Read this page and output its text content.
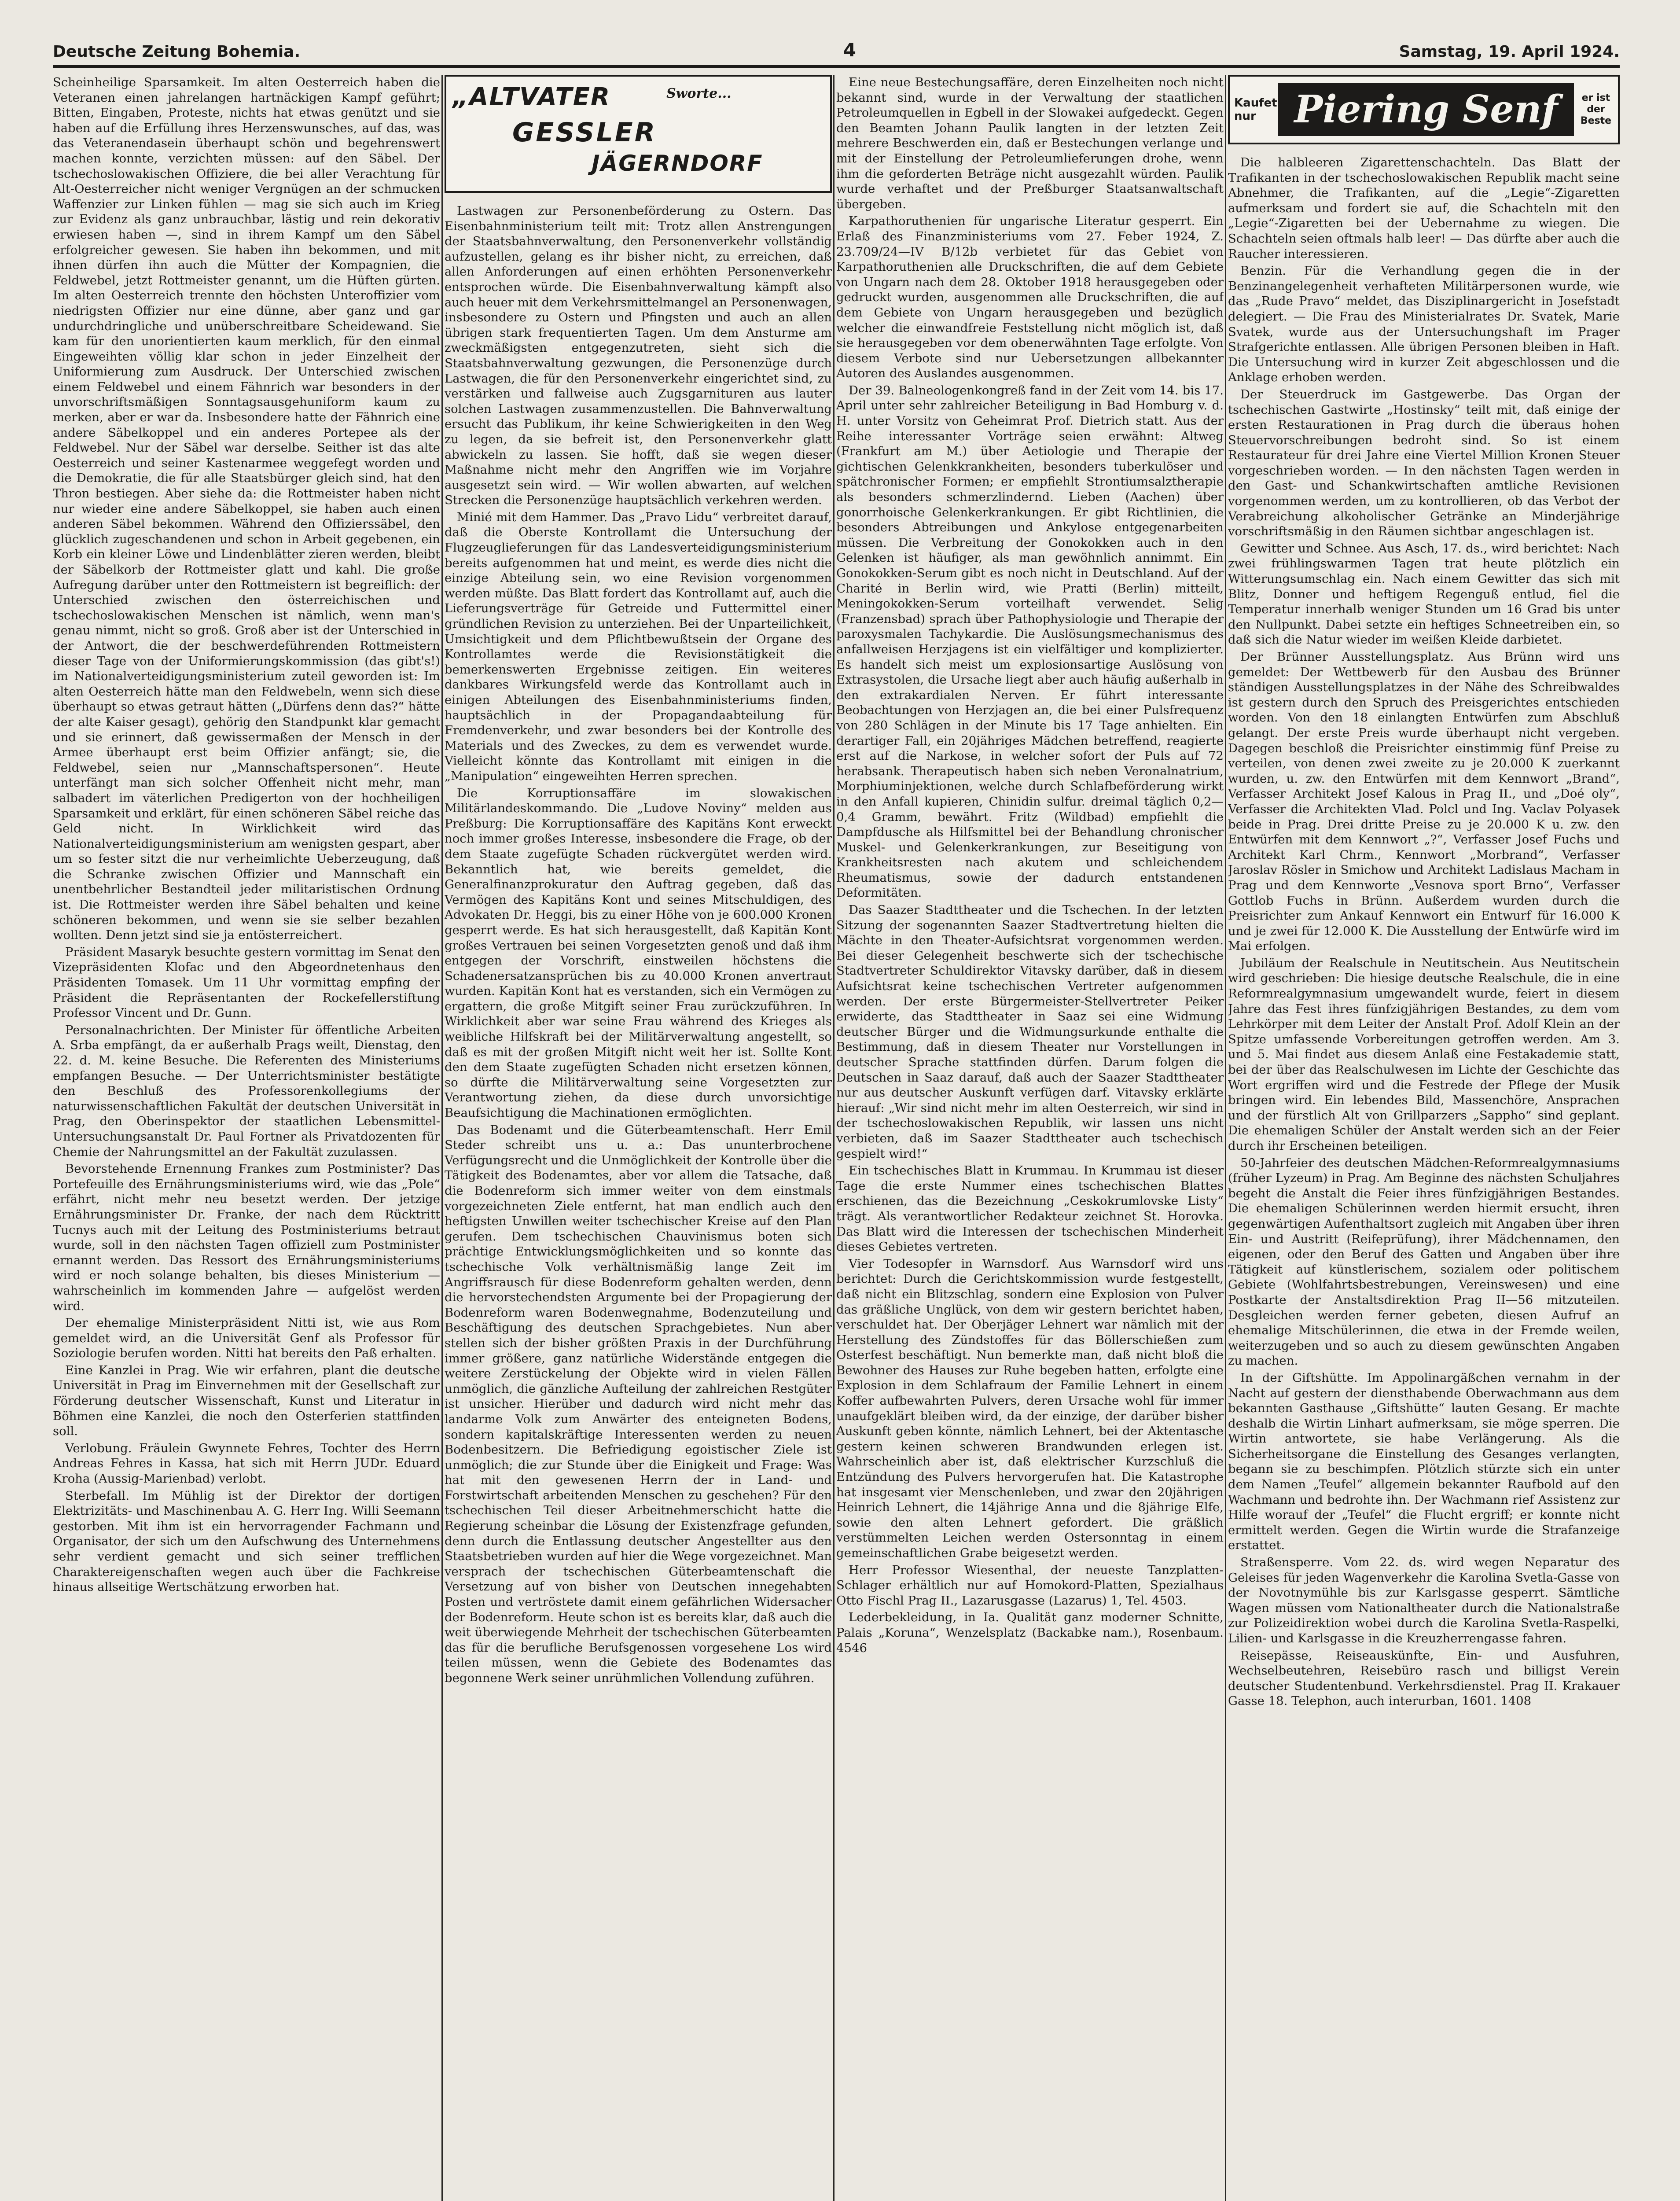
Deutsche Zeitung Bohemia.	4	Samstag, 19. April 1924.

Scheinheilige Sparsamkeit. Im alten Oesterreich haben die Veteranen einen jahrelangen hartnäckigen Kampf geführt; Bitten, Eingaben, Proteste, nichts hat etwas genützt und sie haben auf die Erfüllung ihres Herzenswunsches, auf das, was das Veteranendasein überhaupt schön und begehrenswert machen konnte, verzichten müssen: auf den Säbel. Der tschechoslowakischen Offiziere, die bei aller Verachtung für Alt-Oesterreicher nicht weniger Vergnügen an der schmucken Waffenzier zur Linken fühlen — mag sie sich auch im Krieg zur Evidenz als ganz unbrauchbar, lästig und rein dekorativ erwiesen haben —, sind in ihrem Kampf um den Säbel erfolgreicher gewesen. Sie haben ihn bekommen, und mit ihnen dürfen ihn auch die Mütter der Kompagnien, die Feldwebel, jetzt Rottmeister genannt, um die Hüften gürten. Im alten Oesterreich trennte den höchsten Unteroffizier vom niedrigsten Offizier nur eine dünne, aber ganz und gar undurchdringliche und unüberschreitbare Scheidewand. Sie kam für den unorientierten kaum merklich, für den einmal Eingeweihten völlig klar schon in jeder Einzelheit der Uniformierung zum Ausdruck. Der Unterschied zwischen einem Feldwebel und einem Fähnrich war besonders in der unvorschriftsmäßigen Sonntagsausgehuniform kaum zu merken, aber er war da. Insbesondere hatte der Fähnrich eine andere Säbelkoppel und ein anderes Portepee als der Feldwebel. Nur der Säbel war derselbe. Seither ist das alte Oesterreich und seiner Kastenarmee weggefegt worden und die Demokratie, die für alle Staatsbürger gleich sind, hat den Thron bestiegen. Aber siehe da: die Rottmeister haben nicht nur wieder eine andere Säbelkoppel, sie haben auch einen anderen Säbel bekommen. Während den Offizierssäbel, den glücklich zugeschandenen und schon in Arbeit gegebenen, ein Korb ein kleiner Löwe und Lindenblätter zieren werden, bleibt der Säbelkorb der Rottmeister glatt und kahl. Die große Aufregung darüber unter den Rottmeistern ist begreiflich: der Unterschied zwischen den österreichischen und tschechoslowakischen Menschen ist nämlich, wenn man's genau nimmt, nicht so groß. Groß aber ist der Unterschied in der Antwort, die der beschwerdeführenden Rottmeistern dieser Tage von der Uniformierungskommission (das gibt's!) im Nationalverteidigungsministerium zuteil geworden ist: Im alten Oesterreich hätte man den Feldwebeln, wenn sich diese überhaupt so etwas getraut hätten („Dürfens denn das?“ hätte der alte Kaiser gesagt), gehörig den Standpunkt klar gemacht und sie erinnert, daß gewissermaßen der Mensch in der Armee überhaupt erst beim Offizier anfängt; sie, die Feldwebel, seien nur „Mannschaftspersonen“. Heute unterfängt man sich solcher Offenheit nicht mehr, man salbadert im väterlichen Predigerton von der hochheiligen Sparsamkeit und erklärt, für einen schöneren Säbel reiche das Geld nicht. In Wirklichkeit wird das Nationalverteidigungsministerium am wenigsten gespart, aber um so fester sitzt die nur verheimlichte Ueberzeugung, daß die Schranke zwischen Offizier und Mannschaft ein unentbehrlicher Bestandteil jeder militaristischen Ordnung ist. Die Rottmeister werden ihre Säbel behalten und keine schöneren bekommen, und wenn sie sie selber bezahlen wollten. Denn jetzt sind sie ja entösterreichert.

Präsident Masaryk besuchte gestern vormittag im Senat den Vizepräsidenten Klofac und den Abgeordnetenhaus den Präsidenten Tomasek. Um 11 Uhr vormittag empfing der Präsident die Repräsentanten der Rockefellerstiftung Professor Vincent und Dr. Gunn.

Personalnachrichten. Der Minister für öffentliche Arbeiten A. Srba empfängt, da er außerhalb Prags weilt, Dienstag, den 22. d. M. keine Besuche. Die Referenten des Ministeriums empfangen Besuche. — Der Unterrichtsminister bestätigte den Beschluß des Professorenkollegiums der naturwissenschaftlichen Fakultät der deutschen Universität in Prag, den Oberinspektor der staatlichen Lebensmittel-Untersuchungsanstalt Dr. Paul Fortner als Privatdozenten für Chemie der Nahrungsmittel an der Fakultät zuzulassen.

Bevorstehende Ernennung Frankes zum Postminister? Das Portefeuille des Ernährungsministeriums wird, wie das „Pole“ erfährt, nicht mehr neu besetzt werden. Der jetzige Ernährungsminister Dr. Franke, der nach dem Rücktritt Tucnys auch mit der Leitung des Postministeriums betraut wurde, soll in den nächsten Tagen offiziell zum Postminister ernannt werden. Das Ressort des Ernährungsministeriums wird er noch solange behalten, bis dieses Ministerium — wahrscheinlich im kommenden Jahre — aufgelöst werden wird.

Der ehemalige Ministerpräsident Nitti ist, wie aus Rom gemeldet wird, an die Universität Genf als Professor für Soziologie berufen worden. Nitti hat bereits den Paß erhalten.

Eine Kanzlei in Prag. Wie wir erfahren, plant die deutsche Universität in Prag im Einvernehmen mit der Gesellschaft zur Förderung deutscher Wissenschaft, Kunst und Literatur in Böhmen eine Kanzlei, die noch den Osterferien stattfinden soll.

Verlobung. Fräulein Gwynnete Fehres, Tochter des Herrn Andreas Fehres in Kassa, hat sich mit Herrn JUDr. Eduard Kroha (Aussig-Marienbad) verlobt.

Sterbefall. Im Mühlig ist der Direktor der dortigen Elektrizitäts- und Maschinenbau A. G. Herr Ing. Willi Seemann gestorben. Mit ihm ist ein hervorragender Fachmann und Organisator, der sich um den Aufschwung des Unternehmens sehr verdient gemacht und sich seiner trefflichen Charaktereigenschaften wegen auch über die Fachkreise hinaus allseitige Wertschätzung erworben hat.

„ALTVATER	Sworte...
GESSLER
JÄGERNDORF

Lastwagen zur Personenbeförderung zu Ostern. Das Eisenbahnministerium teilt mit: Trotz allen Anstrengungen der Staatsbahnverwaltung, den Personenverkehr vollständig aufzustellen, gelang es ihr bisher nicht, zu erreichen, daß allen Anforderungen auf einen erhöhten Personenverkehr entsprochen würde. Die Eisenbahnverwaltung kämpft also auch heuer mit dem Verkehrsmittelmangel an Personenwagen, insbesondere zu Ostern und Pfingsten und auch an allen übrigen stark frequentierten Tagen. Um dem Ansturme am zweckmäßigsten entgegenzutreten, sieht sich die Staatsbahnverwaltung gezwungen, die Personenzüge durch Lastwagen, die für den Personenverkehr eingerichtet sind, zu verstärken und fallweise auch Zugsgarnituren aus lauter solchen Lastwagen zusammenzustellen. Die Bahnverwaltung ersucht das Publikum, ihr keine Schwierigkeiten in den Weg zu legen, da sie befreit ist, den Personenverkehr glatt abwickeln zu lassen. Sie hofft, daß sie wegen dieser Maßnahme nicht mehr den Angriffen wie im Vorjahre ausgesetzt sein wird. — Wir wollen abwarten, auf welchen Strecken die Personenzüge hauptsächlich verkehren werden.

Minié mit dem Hammer. Das „Pravo Lidu“ verbreitet darauf, daß die Oberste Kontrollamt die Untersuchung der Flugzeuglieferungen für das Landesverteidigungsministerium bereits aufgenommen hat und meint, es werde dies nicht die einzige Abteilung sein, wo eine Revision vorgenommen werden müßte. Das Blatt fordert das Kontrollamt auf, auch die Lieferungsverträge für Getreide und Futtermittel einer gründlichen Revision zu unterziehen. Bei der Unparteilichkeit, Umsichtigkeit und dem Pflichtbewußtsein der Organe des Kontrollamtes werde die Revisionstätigkeit die bemerkenswerten Ergebnisse zeitigen. Ein weiteres dankbares Wirkungsfeld werde das Kontrollamt auch in einigen Abteilungen des Eisenbahnministeriums finden, hauptsächlich in der Propagandaabteilung für Fremdenverkehr, und zwar besonders bei der Kontrolle des Materials und des Zweckes, zu dem es verwendet wurde. Vielleicht könnte das Kontrollamt mit einigen in die „Manipulation“ eingeweihten Herren sprechen.

Die Korruptionsaffäre im slowakischen Militärlandeskommando. Die „Ludove Noviny“ melden aus Preßburg: Die Korruptionsaffäre des Kapitäns Kont erweckt noch immer großes Interesse, insbesondere die Frage, ob der dem Staate zugefügte Schaden rückvergütet werden wird. Bekanntlich hat, wie bereits gemeldet, die Generalfinanzprokuratur den Auftrag gegeben, daß das Vermögen des Kapitäns Kont und seines Mitschuldigen, des Advokaten Dr. Heggi, bis zu einer Höhe von je 600.000 Kronen gesperrt werde. Es hat sich herausgestellt, daß Kapitän Kont großes Vertrauen bei seinen Vorgesetzten genoß und daß ihm entgegen der Vorschrift, einstweilen höchstens die Schadenersatzansprüchen bis zu 40.000 Kronen anvertraut wurden. Kapitän Kont hat es verstanden, sich ein Vermögen zu ergattern, die große Mitgift seiner Frau zurückzuführen. In Wirklichkeit aber war seine Frau während des Krieges als weibliche Hilfskraft bei der Militärverwaltung angestellt, so daß es mit der großen Mitgift nicht weit her ist. Sollte Kont den dem Staate zugefügten Schaden nicht ersetzen können, so dürfte die Militärverwaltung seine Vorgesetzten zur Verantwortung ziehen, da diese durch unvorsichtige Beaufsichtigung die Machinationen ermöglichten.

Das Bodenamt und die Güterbeamtenschaft. Herr Emil Steder schreibt uns u. a.: Das ununterbrochene Verfügungsrecht und die Unmöglichkeit der Kontrolle über die Tätigkeit des Bodenamtes, aber vor allem die Tatsache, daß die Bodenreform sich immer weiter von dem einstmals vorgezeichneten Ziele entfernt, hat man endlich auch den heftigsten Unwillen weiter tschechischer Kreise auf den Plan gerufen. Dem tschechischen Chauvinismus boten sich prächtige Entwicklungsmöglichkeiten und so konnte das tschechische Volk verhältnismäßig lange Zeit im Angriffsrausch für diese Bodenreform gehalten werden, denn die hervorstechendsten Argumente bei der Propagierung der Bodenreform waren Bodenwegnahme, Bodenzuteilung und Beschäftigung des deutschen Sprachgebietes. Nun aber stellen sich der bisher größten Praxis in der Durchführung immer größere, ganz natürliche Widerstände entgegen die weitere Zerstückelung der Objekte wird in vielen Fällen unmöglich, die gänzliche Aufteilung der zahlreichen Restgüter ist unsicher. Hierüber und dadurch wird nicht mehr das landarme Volk zum Anwärter des enteigneten Bodens, sondern kapitalskräftige Interessenten werden zu neuen Bodenbesitzern. Die Befriedigung egoistischer Ziele ist unmöglich; die zur Stunde über die Einigkeit und Frage: Was hat mit den gewesenen Herrn der in Land- und Forstwirtschaft arbeitenden Menschen zu geschehen? Für den tschechischen Teil dieser Arbeitnehmerschicht hatte die Regierung scheinbar die Lösung der Existenzfrage gefunden, denn durch die Entlassung deutscher Angestellter aus den Staatsbetrieben wurden auf hier die Wege vorgezeichnet. Man versprach der tschechischen Güterbeamtenschaft die Versetzung auf von bisher von Deutschen innegehabten Posten und vertröstete damit einem gefährlichen Widersacher der Bodenreform. Heute schon ist es bereits klar, daß auch die weit überwiegende Mehrheit der tschechischen Güterbeamten das für die berufliche Berufsgenossen vorgesehene Los wird teilen müssen, wenn die Gebiete des Bodenamtes das begonnene Werk seiner unrühmlichen Vollendung zuführen.

Eine neue Bestechungsaffäre, deren Einzelheiten noch nicht bekannt sind, wurde in der Verwaltung der staatlichen Petroleumquellen in Egbell in der Slowakei aufgedeckt. Gegen den Beamten Johann Paulik langten in der letzten Zeit mehrere Beschwerden ein, daß er Bestechungen verlange und mit der Einstellung der Petroleumlieferungen drohe, wenn ihm die geforderten Beträge nicht ausgezahlt würden. Paulik wurde verhaftet und der Preßburger Staatsanwaltschaft übergeben.

Karpathoruthenien für ungarische Literatur gesperrt. Ein Erlaß des Finanzministeriums vom 27. Feber 1924, Z. 23.709/24—IV B/12b verbietet für das Gebiet von Karpathoruthenien alle Druckschriften, die auf dem Gebiete von Ungarn nach dem 28. Oktober 1918 herausgegeben oder gedruckt wurden, ausgenommen alle Druckschriften, die auf dem Gebiete von Ungarn herausgegeben und bezüglich welcher die einwandfreie Feststellung nicht möglich ist, daß sie herausgegeben vor dem obenerwähnten Tage erfolgte. Von diesem Verbote sind nur Uebersetzungen allbekannter Autoren des Auslandes ausgenommen.

Der 39. Balneologenkongreß fand in der Zeit vom 14. bis 17. April unter sehr zahlreicher Beteiligung in Bad Homburg v. d. H. unter Vorsitz von Geheimrat Prof. Dietrich statt. Aus der Reihe interessanter Vorträge seien erwähnt: Altweg (Frankfurt am M.) über Aetiologie und Therapie der gichtischen Gelenkkrankheiten, besonders tuberkulöser und spätchronischer Formen; er empfiehlt Strontiumsalztherapie als besonders schmerzlindernd. Lieben (Aachen) über gonorrhoische Gelenkerkrankungen. Er gibt Richtlinien, die besonders Abtreibungen und Ankylose entgegenarbeiten müssen. Die Verbreitung der Gonokokken auch in den Gelenken ist häufiger, als man gewöhnlich annimmt. Ein Gonokokken-Serum gibt es noch nicht in Deutschland. Auf der Charité in Berlin wird, wie Pratti (Berlin) mitteilt, Meningokokken-Serum vorteilhaft verwendet. Selig (Franzensbad) sprach über Pathophysiologie und Therapie der paroxysmalen Tachykardie. Die Auslösungsmechanismus des anfallweisen Herzjagens ist ein vielfältiger und komplizierter. Es handelt sich meist um explosionsartige Auslösung von Extrasystolen, die Ursache liegt aber auch häufig außerhalb in den extrakardialen Nerven. Er führt interessante Beobachtungen von Herzjagen an, die bei einer Pulsfrequenz von 280 Schlägen in der Minute bis 17 Tage anhielten. Ein derartiger Fall, ein 20jähriges Mädchen betreffend, reagierte erst auf die Narkose, in welcher sofort der Puls auf 72 herabsank. Therapeutisch haben sich neben Veronalnatrium, Morphiuminjektionen, welche durch Schlafbeförderung wirkt in den Anfall kupieren, Chinidin sulfur. dreimal täglich 0,2—0,4 Gramm, bewährt. Fritz (Wildbad) empfiehlt die Dampfdusche als Hilfsmittel bei der Behandlung chronischer Muskel- und Gelenkerkrankungen, zur Beseitigung von Krankheitsresten nach akutem und schleichendem Rheumatismus, sowie der dadurch entstandenen Deformitäten.

Das Saazer Stadttheater und die Tschechen. In der letzten Sitzung der sogenannten Saazer Stadtvertretung hielten die Mächte in den Theater-Aufsichtsrat vorgenommen werden. Bei dieser Gelegenheit beschwerte sich der tschechische Stadtvertreter Schuldirektor Vitavsky darüber, daß in diesem Aufsichtsrat keine tschechischen Vertreter aufgenommen werden. Der erste Bürgermeister-Stellvertreter Peiker erwiderte, das Stadttheater in Saaz sei eine Widmung deutscher Bürger und die Widmungsurkunde enthalte die Bestimmung, daß in diesem Theater nur Vorstellungen in deutscher Sprache stattfinden dürfen. Darum folgen die Deutschen in Saaz darauf, daß auch der Saazer Stadttheater nur aus deutscher Auskunft verfügen darf. Vitavsky erklärte hierauf: „Wir sind nicht mehr im alten Oesterreich, wir sind in der tschechoslowakischen Republik, wir lassen uns nicht verbieten, daß im Saazer Stadttheater auch tschechisch gespielt wird!“

Ein tschechisches Blatt in Krummau. In Krummau ist dieser Tage die erste Nummer eines tschechischen Blattes erschienen, das die Bezeichnung „Ceskokrumlovske Listy“ trägt. Als verantwortlicher Redakteur zeichnet St. Horovka. Das Blatt wird die Interessen der tschechischen Minderheit dieses Gebietes vertreten.

Vier Todesopfer in Warnsdorf. Aus Warnsdorf wird uns berichtet: Durch die Gerichtskommission wurde festgestellt, daß nicht ein Blitzschlag, sondern eine Explosion von Pulver das gräßliche Unglück, von dem wir gestern berichtet haben, verschuldet hat. Der Oberjäger Lehnert war nämlich mit der Herstellung des Zündstoffes für das Böllerschießen zum Osterfest beschäftigt. Nun bemerkte man, daß nicht bloß die Bewohner des Hauses zur Ruhe begeben hatten, erfolgte eine Explosion in dem Schlafraum der Familie Lehnert in einem Koffer aufbewahrten Pulvers, deren Ursache wohl für immer unaufgeklärt bleiben wird, da der einzige, der darüber bisher Auskunft geben könnte, nämlich Lehnert, bei der Aktentasche gestern keinen schweren Brandwunden erlegen ist. Wahrscheinlich aber ist, daß elektrischer Kurzschluß die Entzündung des Pulvers hervorgerufen hat. Die Katastrophe hat insgesamt vier Menschenleben, und zwar den 20jährigen Heinrich Lehnert, die 14jährige Anna und die 8jährige Elfe, sowie den alten Lehnert gefordert. Die gräßlich verstümmelten Leichen werden Ostersonntag in einem gemeinschaftlichen Grabe beigesetzt werden.

Herr Professor Wiesenthal, der neueste Tanzplatten-Schlager erhältlich nur auf Homokord-Platten, Spezialhaus Otto Fischl Prag II., Lazarusgasse (Lazarus) 1, Tel. 4503.

Lederbekleidung, in Ia. Qualität ganz moderner Schnitte, Palais „Koruna“, Wenzelsplatz (Backabke nam.), Rosenbaum. 4546

Kaufet nur	Piering Senf	er ist der Beste

Die halbleeren Zigarettenschachteln. Das Blatt der Trafikanten in der tschechoslowakischen Republik macht seine Abnehmer, die Trafikanten, auf die „Legie“-Zigaretten aufmerksam und fordert sie auf, die Schachteln mit den „Legie“-Zigaretten bei der Uebernahme zu wiegen. Die Schachteln seien oftmals halb leer! — Das dürfte aber auch die Raucher interessieren.

Benzin. Für die Verhandlung gegen die in der Benzinangelegenheit verhafteten Militärpersonen wurde, wie das „Rude Pravo“ meldet, das Disziplinargericht in Josefstadt delegiert. — Die Frau des Ministerialrates Dr. Svatek, Marie Svatek, wurde aus der Untersuchungshaft im Prager Strafgerichte entlassen. Alle übrigen Personen bleiben in Haft. Die Untersuchung wird in kurzer Zeit abgeschlossen und die Anklage erhoben werden.

Der Steuerdruck im Gastgewerbe. Das Organ der tschechischen Gastwirte „Hostinsky“ teilt mit, daß einige der ersten Restaurationen in Prag durch die überaus hohen Steuervorschreibungen bedroht sind. So ist einem Restaurateur für drei Jahre eine Viertel Million Kronen Steuer vorgeschrieben worden. — In den nächsten Tagen werden in den Gast- und Schankwirtschaften amtliche Revisionen vorgenommen werden, um zu kontrollieren, ob das Verbot der Verabreichung alkoholischer Getränke an Minderjährige vorschriftsmäßig in den Räumen sichtbar angeschlagen ist.

Gewitter und Schnee. Aus Asch, 17. ds., wird berichtet: Nach zwei frühlingswarmen Tagen trat heute plötzlich ein Witterungsumschlag ein. Nach einem Gewitter das sich mit Blitz, Donner und heftigem Regenguß entlud, fiel die Temperatur innerhalb weniger Stunden um 16 Grad bis unter den Nullpunkt. Dabei setzte ein heftiges Schneetreiben ein, so daß sich die Natur wieder im weißen Kleide darbietet.

Der Brünner Ausstellungsplatz. Aus Brünn wird uns gemeldet: Der Wettbewerb für den Ausbau des Brünner ständigen Ausstellungsplatzes in der Nähe des Schreibwaldes ist gestern durch den Spruch des Preisgerichtes entschieden worden. Von den 18 einlangten Entwürfen zum Abschluß gelangt. Der erste Preis wurde überhaupt nicht vergeben. Dagegen beschloß die Preisrichter einstimmig fünf Preise zu verteilen, von denen zwei zweite zu je 20.000 K zuerkannt wurden, u. zw. den Entwürfen mit dem Kennwort „Brand“, Verfasser Architekt Josef Kalous in Prag II., und „Doé oly“, Verfasser die Architekten Vlad. Polcl und Ing. Vaclav Polyasek beide in Prag. Drei dritte Preise zu je 20.000 K u. zw. den Entwürfen mit dem Kennwort „?“, Verfasser Josef Fuchs und Architekt Karl Chrm., Kennwort „Morbrand“, Verfasser Jaroslav Rösler in Smichow und Architekt Ladislaus Macham in Prag und dem Kennworte „Vesnova sport Brno“, Verfasser Gottlob Fuchs in Brünn. Außerdem wurden durch die Preisrichter zum Ankauf Kennwort ein Entwurf für 16.000 K und je zwei für 12.000 K. Die Ausstellung der Entwürfe wird im Mai erfolgen.

Jubiläum der Realschule in Neutitschein. Aus Neutitschein wird geschrieben: Die hiesige deutsche Realschule, die in eine Reformrealgymnasium umgewandelt wurde, feiert in diesem Jahre das Fest ihres fünfzigjährigen Bestandes, zu dem vom Lehrkörper mit dem Leiter der Anstalt Prof. Adolf Klein an der Spitze umfassende Vorbereitungen getroffen werden. Am 3. und 5. Mai findet aus diesem Anlaß eine Festakademie statt, bei der über das Realschulwesen im Lichte der Geschichte das Wort ergriffen wird und die Festrede der Pflege der Musik bringen wird. Ein lebendes Bild, Massenchöre, Ansprachen und der fürstlich Alt von Grillparzers „Sappho“ sind geplant. Die ehemaligen Schüler der Anstalt werden sich an der Feier durch ihr Erscheinen beteiligen.

50-Jahrfeier des deutschen Mädchen-Reformrealgymnasiums (früher Lyzeum) in Prag. Am Beginne des nächsten Schuljahres begeht die Anstalt die Feier ihres fünfzigjährigen Bestandes. Die ehemaligen Schülerinnen werden hiermit ersucht, ihren gegenwärtigen Aufenthaltsort zugleich mit Angaben über ihren Ein- und Austritt (Reifeprüfung), ihrer Mädchennamen, den eigenen, oder den Beruf des Gatten und Angaben über ihre Tätigkeit auf künstlerischem, sozialem oder politischem Gebiete (Wohlfahrtsbestrebungen, Vereinswesen) und eine Postkarte der Anstaltsdirektion Prag II—56 mitzuteilen. Desgleichen werden ferner gebeten, diesen Aufruf an ehemalige Mitschülerinnen, die etwa in der Fremde weilen, weiterzugeben und so auch zu diesem gewünschten Angaben zu machen.

In der Giftshütte. Im Appolinargäßchen vernahm in der Nacht auf gestern der diensthabende Oberwachmann aus dem bekannten Gasthause „Giftshütte“ lauten Gesang. Er machte deshalb die Wirtin Linhart aufmerksam, sie möge sperren. Die Wirtin antwortete, sie habe Verlängerung. Als die Sicherheitsorgane die Einstellung des Gesanges verlangten, begann sie zu beschimpfen. Plötzlich stürzte sich ein unter dem Namen „Teufel“ allgemein bekannter Raufbold auf den Wachmann und bedrohte ihn. Der Wachmann rief Assistenz zur Hilfe worauf der „Teufel“ die Flucht ergriff; er konnte nicht ermittelt werden. Gegen die Wirtin wurde die Strafanzeige erstattet.

Straßensperre. Vom 22. ds. wird wegen Neparatur des Geleises für jeden Wagenverkehr die Karolina Svetla-Gasse von der Novotnymühle bis zur Karlsgasse gesperrt. Sämtliche Wagen müssen vom Nationaltheater durch die Nationalstraße zur Polizeidirektion wobei durch die Karolina Svetla-Raspelki, Lilien- und Karlsgasse in die Kreuzherrengasse fahren.

Reisepässe, Reiseauskünfte, Ein- und Ausfuhren, Wechselbeutehren, Reisebüro rasch und billigst Verein deutscher Studentenbund. Verkehrsdienstel. Prag II. Krakauer Gasse 18. Telephon, auch interurban, 1601. 1408
